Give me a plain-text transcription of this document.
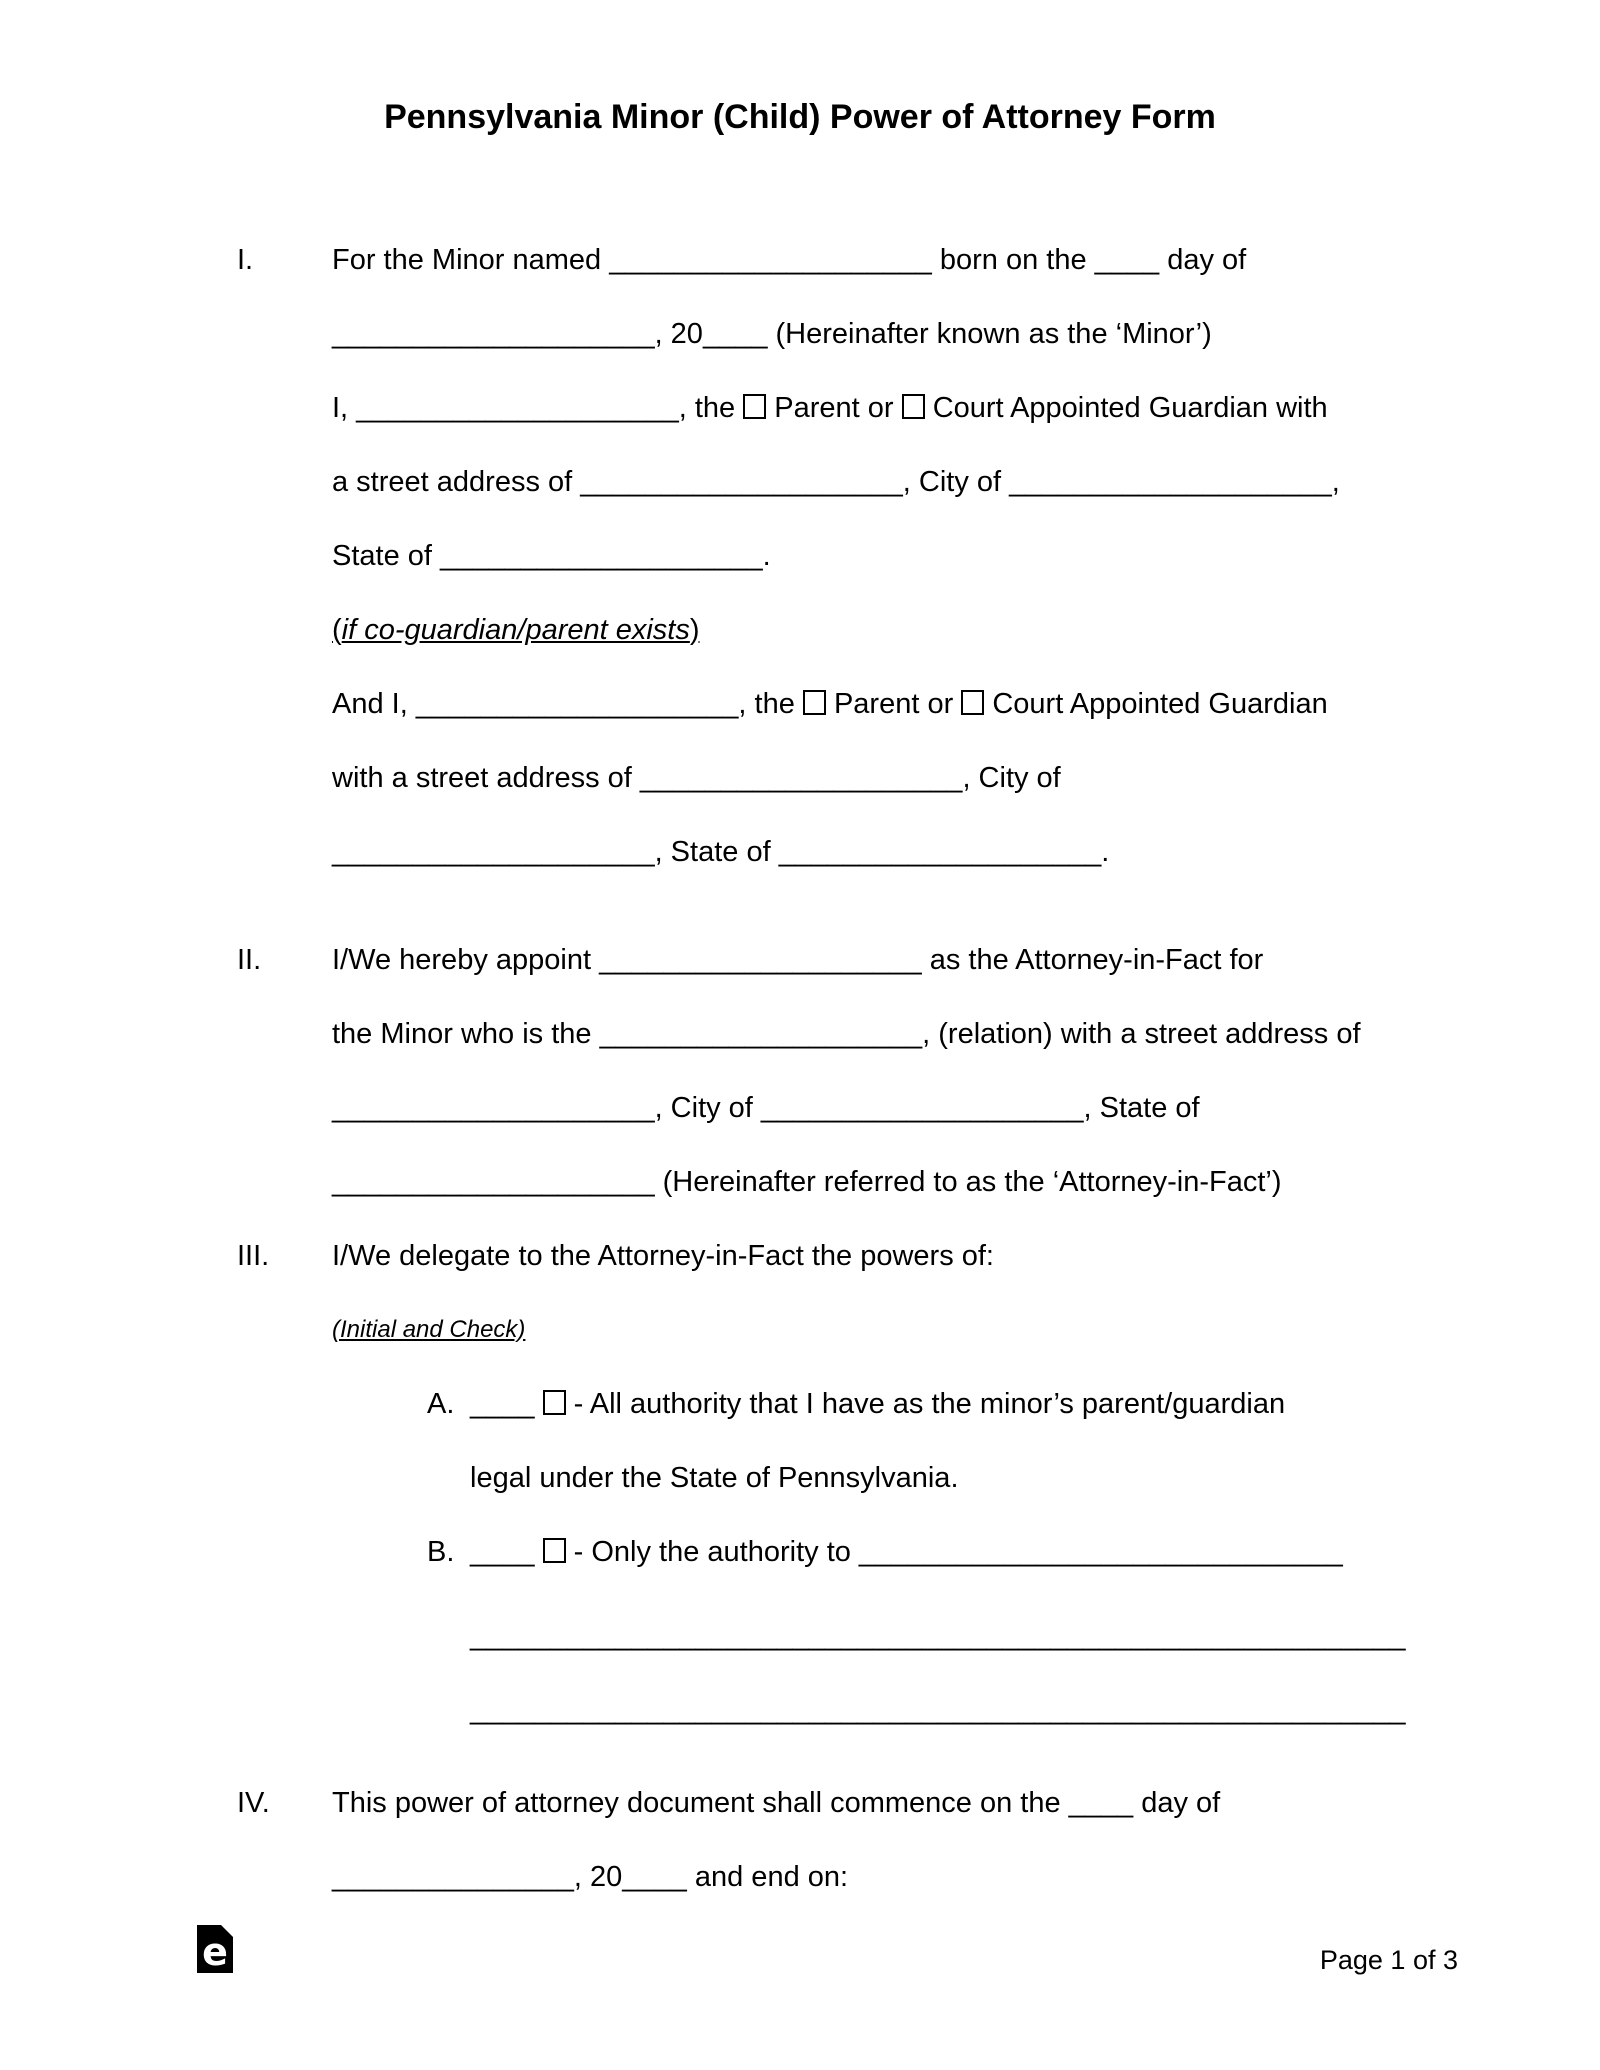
Pennsylvania Minor (Child) Power of Attorney Form
I.	For the Minor named ____________________ born on the ____ day of
____________________, 20____ (Hereinafter known as the ‘Minor’)
I, ____________________, the  Parent or  Court Appointed Guardian with
a street address of ____________________, City of ____________________,
State of ____________________.
(if co-guardian/parent exists)
And I, ____________________, the  Parent or  Court Appointed Guardian
with a street address of ____________________, City of
____________________, State of ____________________.
II. I/We hereby appoint ____________________ as the Attorney-in-Fact for
the Minor who is the ____________________, (relation) with a street address of
____________________, City of ____________________, State of
____________________ (Hereinafter referred to as the ‘Attorney-in-Fact’)
III. I/We delegate to the Attorney-in-Fact the powers of:
(Initial and Check)
A. ____  - All authority that I have as the minor’s parent/guardian
legal under the State of Pennsylvania.
B. ____  - Only the authority to ______________________________
__________________________________________________________
__________________________________________________________
IV. This power of attorney document shall commence on the ____ day of
_______________, 20____ and end on:
e	Page 1 of 3
